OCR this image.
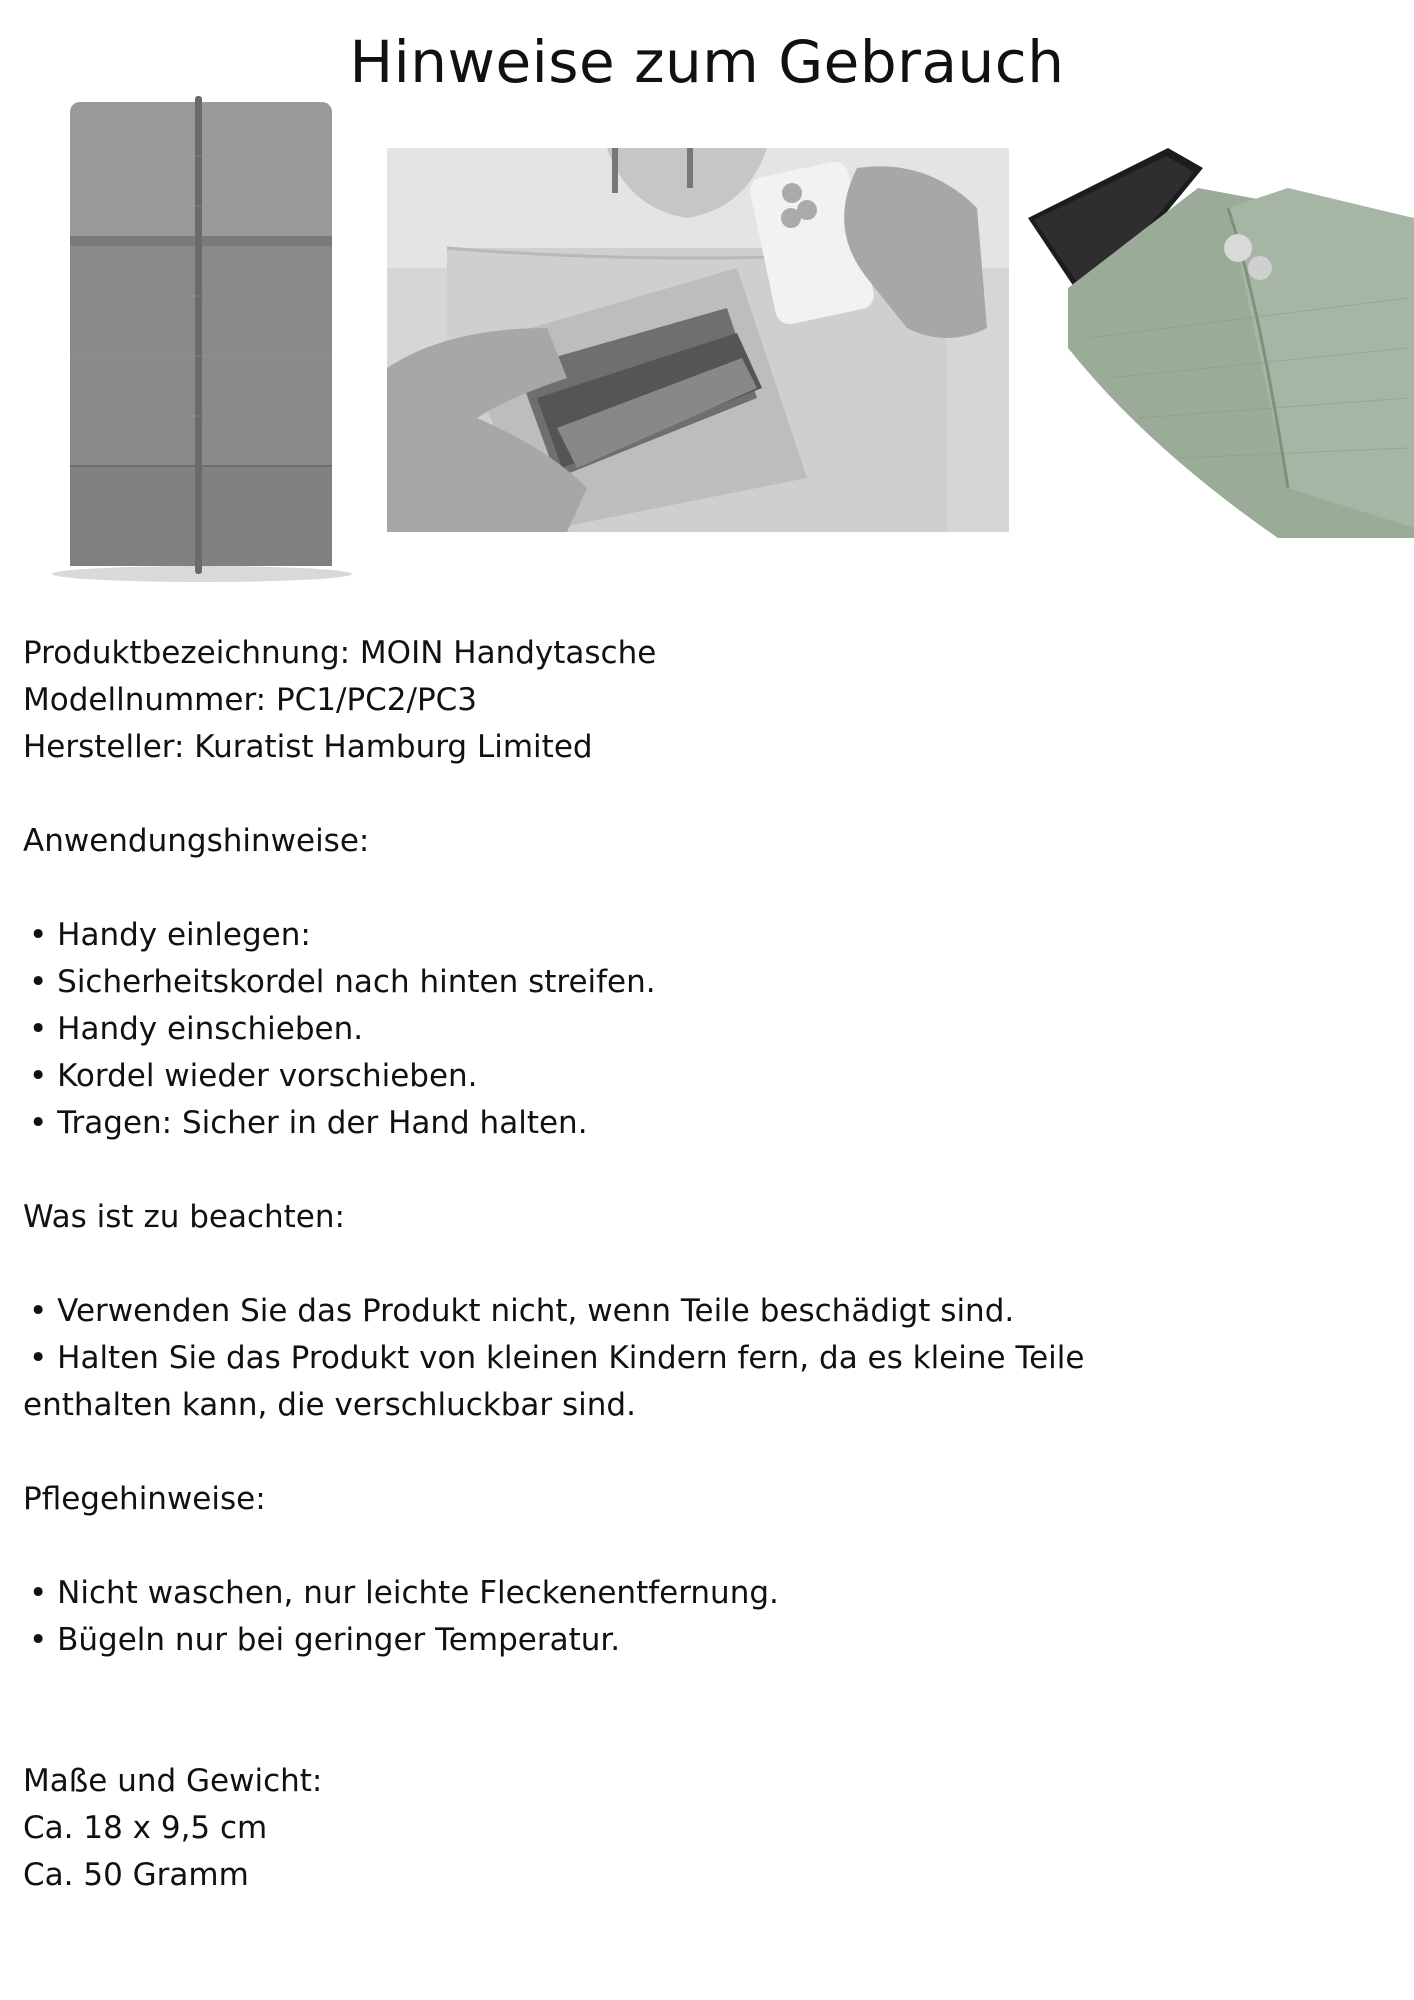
Hinweise zum Gebrauch

Produktbezeichnung: MOIN Handytasche

Modellnummer: PC1/PC2/PC3

Hersteller: Kuratist Hamburg Limited

Anwendungshinweise:

• Handy einlegen:

• Sicherheitskordel nach hinten streifen.

• Handy einschieben.

• Kordel wieder vorschieben.

• Tragen: Sicher in der Hand halten.

Was ist zu beachten:

• Verwenden Sie das Produkt nicht, wenn Teile beschädigt sind.

• Halten Sie das Produkt von kleinen Kindern fern, da es kleine Teile

enthalten kann, die verschluckbar sind.

Pflegehinweise:

• Nicht waschen, nur leichte Fleckenentfernung.

• Bügeln nur bei geringer Temperatur.

Maße und Gewicht:

Ca. 18 x 9,5 cm

Ca. 50 Gramm
